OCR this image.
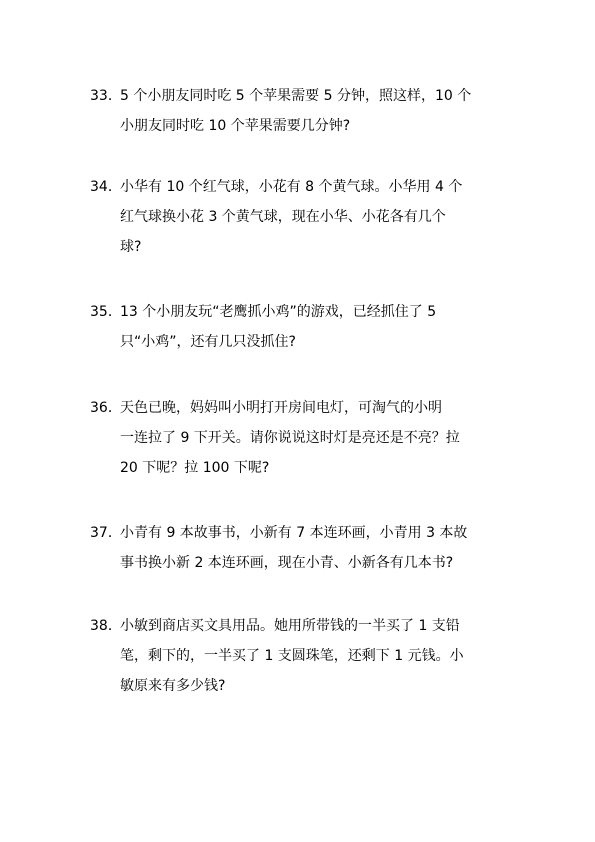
33．
5 个小朋友同时吃 5 个苹果需要 5 分钟，照这样，10 个
小朋友同时吃 10 个苹果需要几分钟?
34．
小华有 10 个红气球，小花有 8 个黄气球。小华用 4 个
红气球换小花 3 个黄气球，现在小华、小花各有几个
球?
35．
13 个小朋友玩“老鹰抓小鸡”的游戏，已经抓住了 5
只“小鸡”，还有几只没抓住?
36．
天色已晚，妈妈叫小明打开房间电灯，可淘气的小明
一连拉了 9 下开关。请你说说这时灯是亮还是不亮？拉
20 下呢？拉 100 下呢?
37．
小青有 9 本故事书，小新有 7 本连环画，小青用 3 本故
事书换小新 2 本连环画，现在小青、小新各有几本书?
38．
小敏到商店买文具用品。她用所带钱的一半买了 1 支铅
笔，剩下的，一半买了 1 支圆珠笔，还剩下 1 元钱。小
敏原来有多少钱?
